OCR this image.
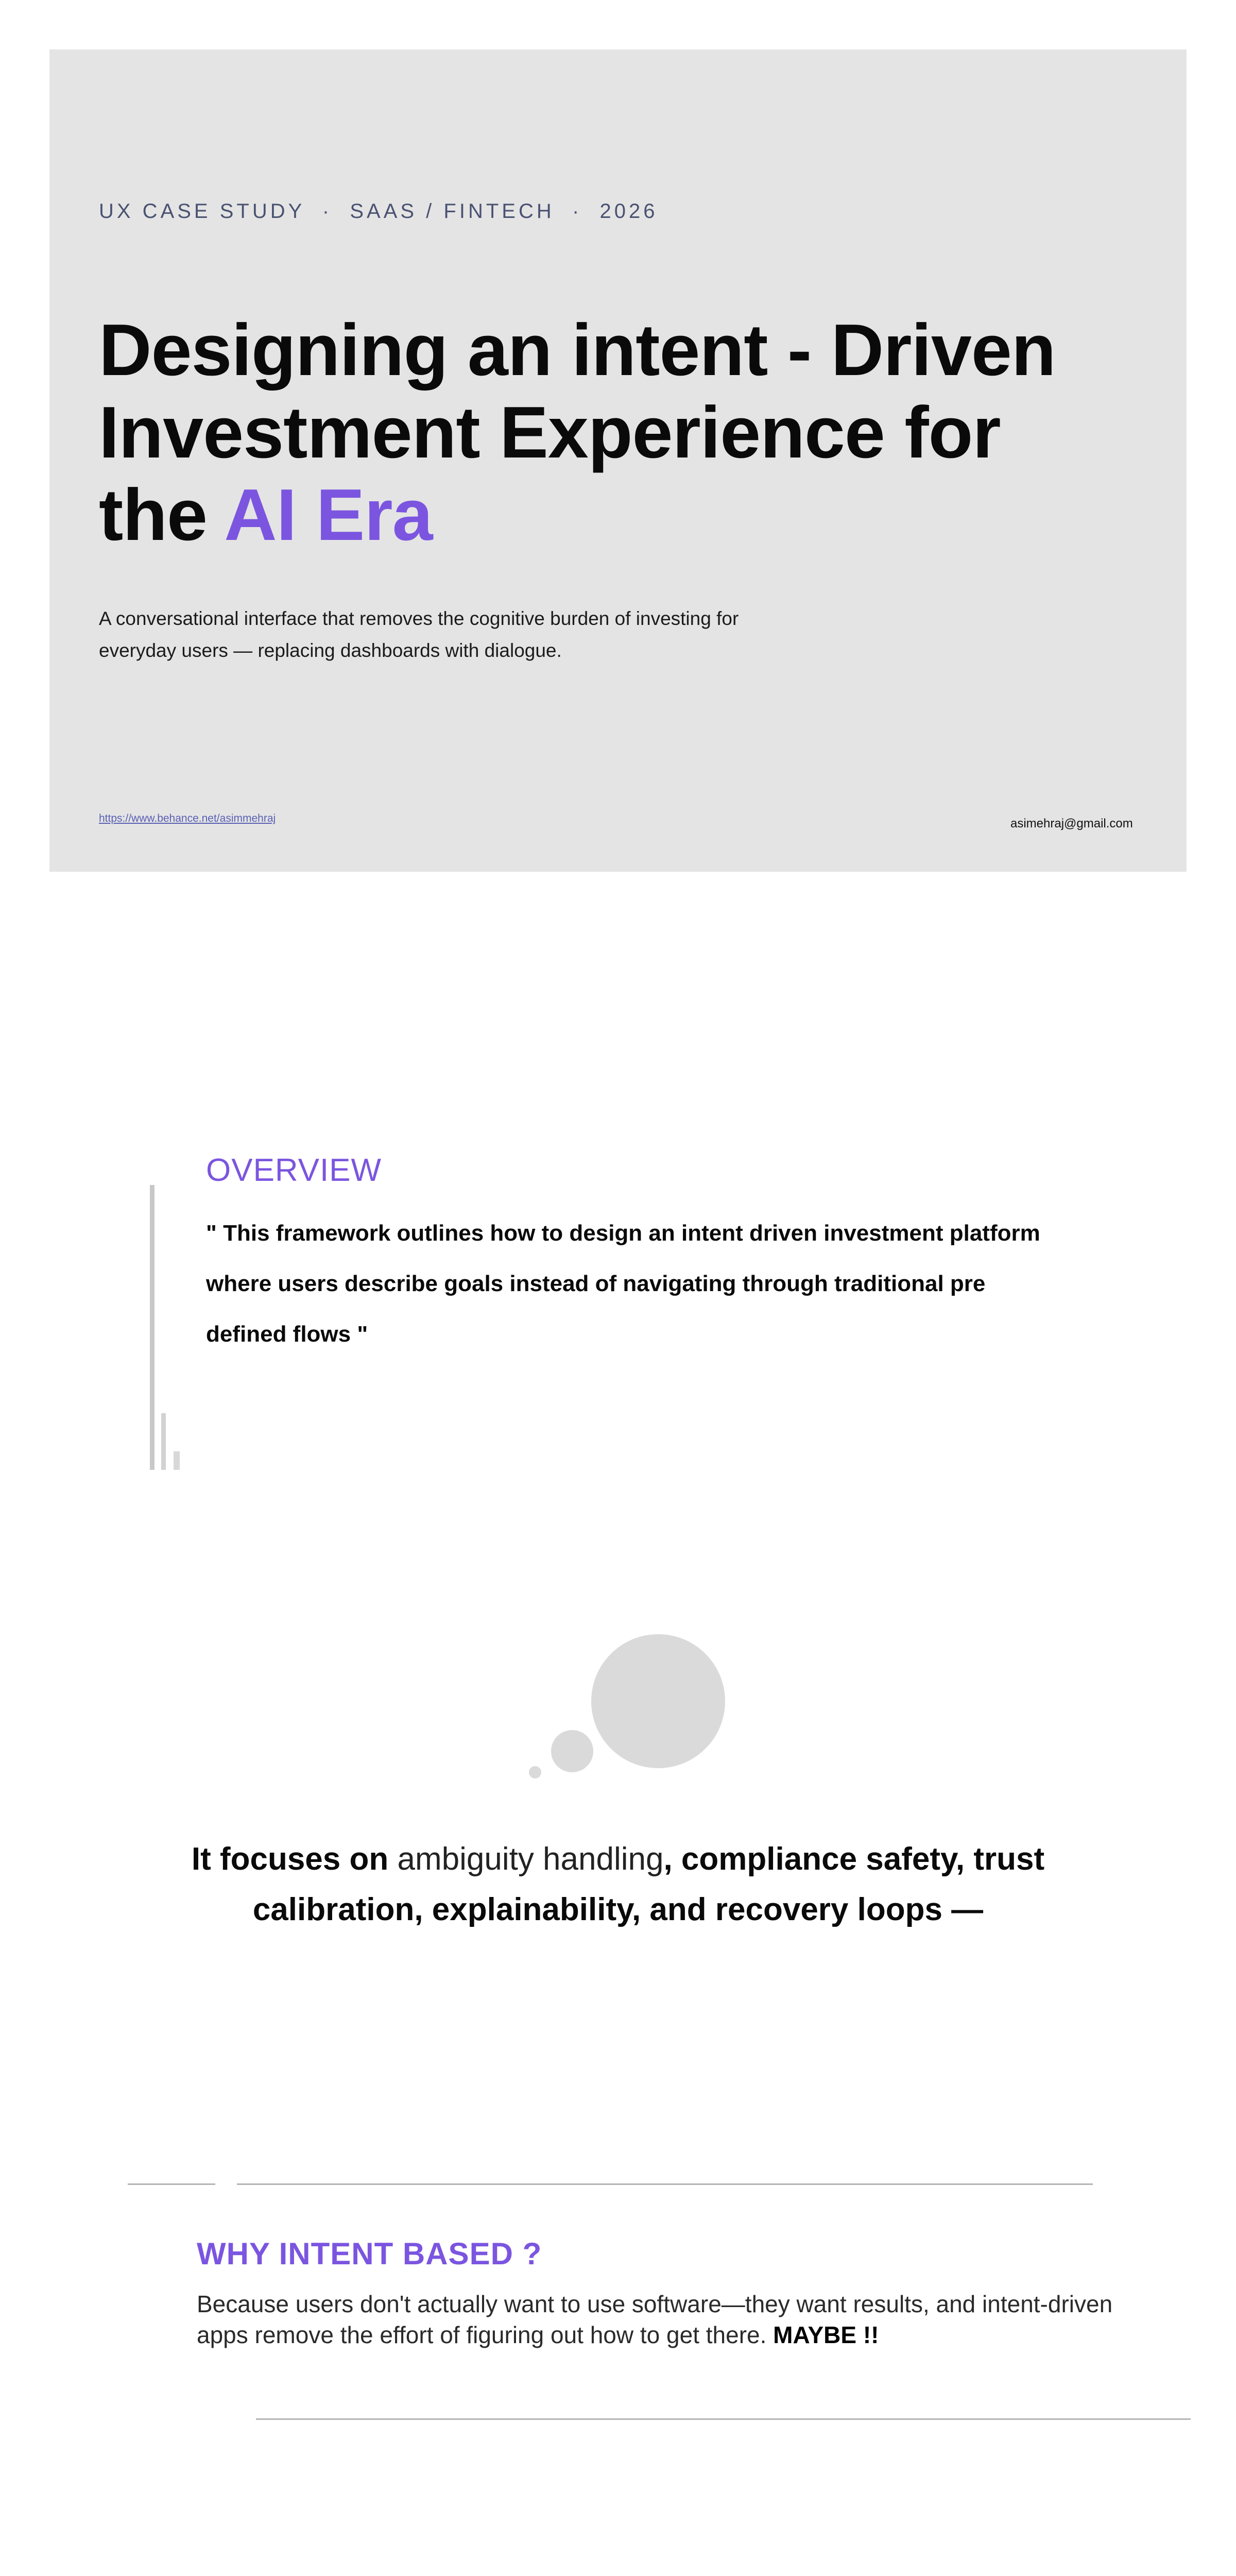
UX CASE STUDY  ·  SAAS / FINTECH  ·  2026
Designing an intent - Driven
Investment Experience for
the AI Era
A conversational interface that removes the cognitive burden of investing for everyday users — replacing dashboards with dialogue.
https://www.behance.net/asimmehraj	asimehraj@gmail.com
OVERVIEW
" This framework outlines how to design an intent driven investment platform where users describe goals instead of navigating through traditional pre defined flows "
It focuses on ambiguity handling, compliance safety, trust calibration, explainability, and recovery loops —
WHY INTENT BASED ?
Because users don't actually want to use software—they want results, and intent-driven apps remove the effort of figuring out how to get there. MAYBE !!
